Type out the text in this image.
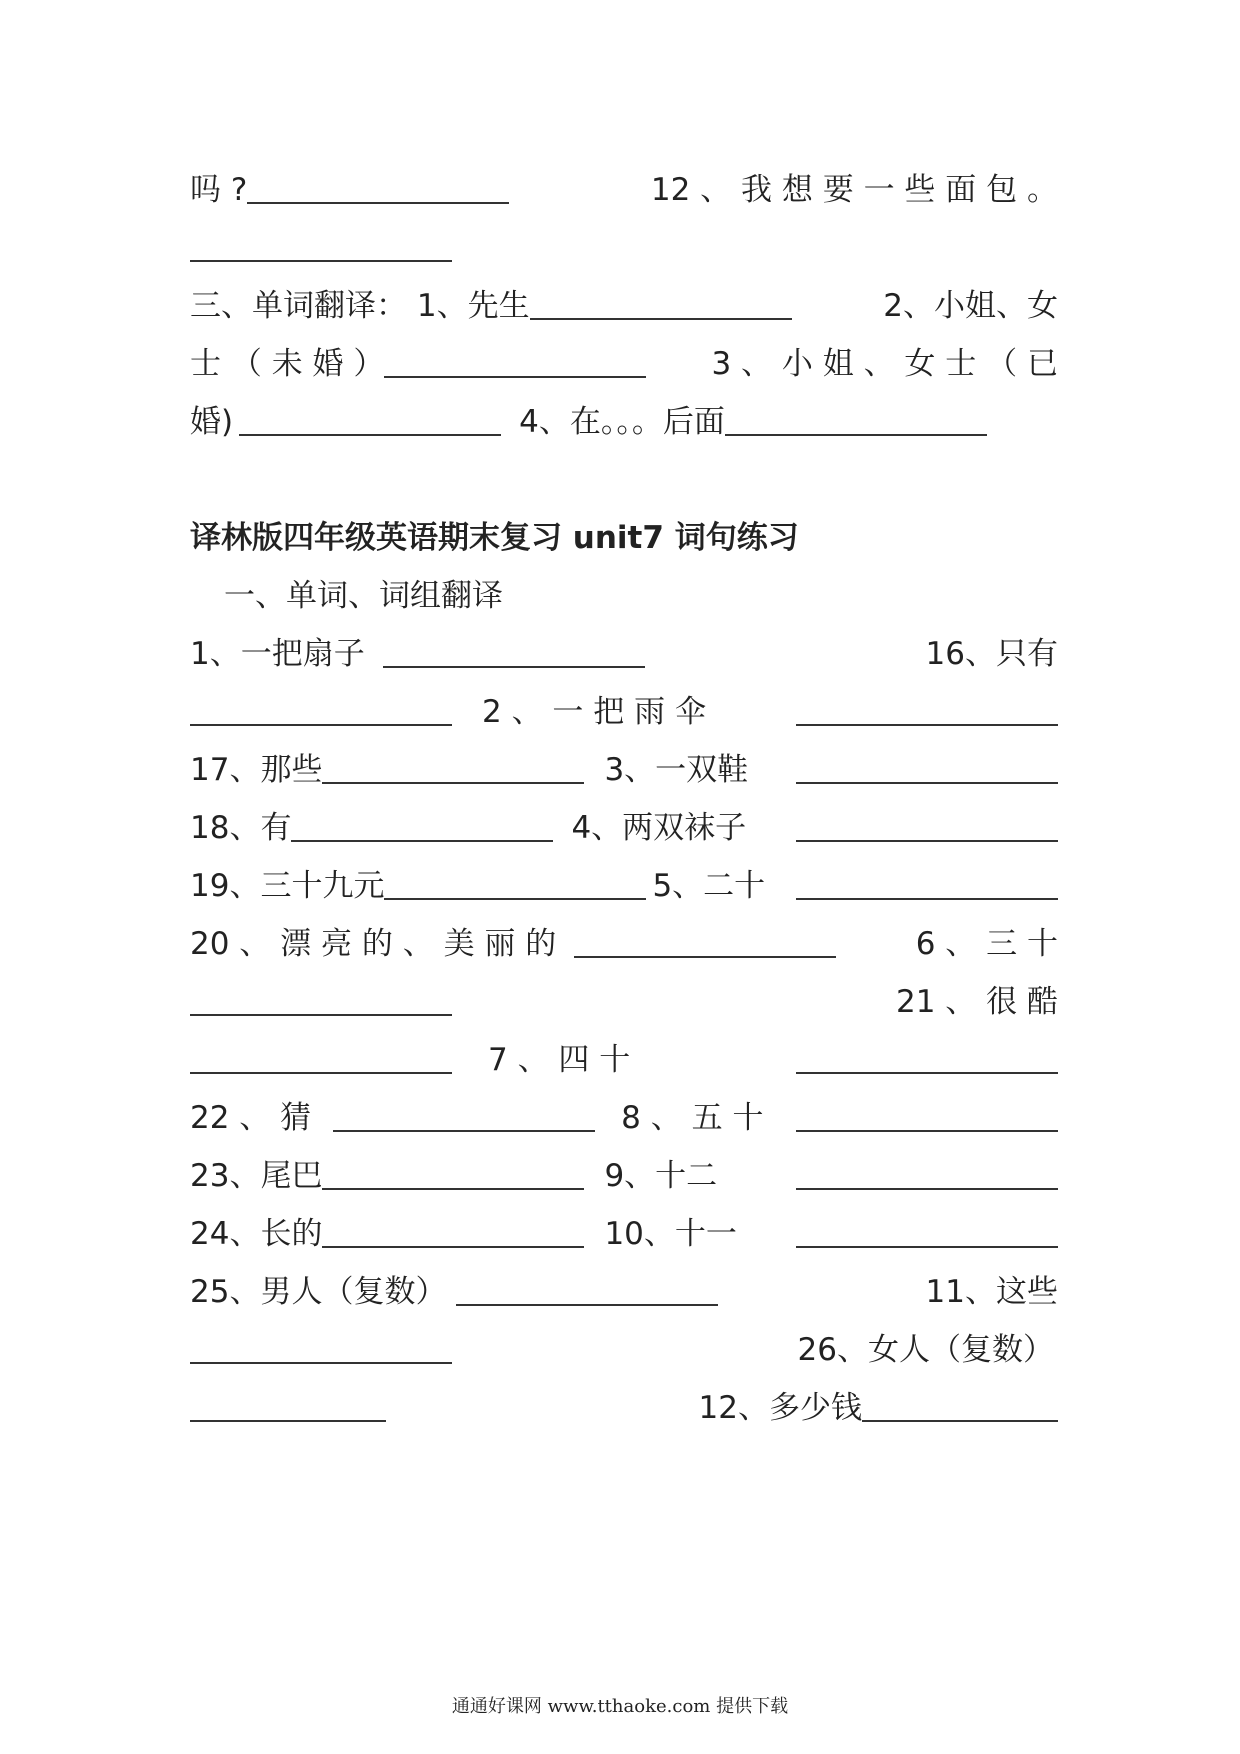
吗 ?	12 、 我 想 要 一 些 面 包 。
三、单词翻译： 1、先生	2、小姐、女
士 （ 未 婚 ）	3 、 小 姐 、 女 士 （ 已
婚)	4、在。。。后面
译林版四年级英语期末复习 unit7 词句练习
一、单词、词组翻译
1、一把扇子	16、只有
2 、 一 把 雨 伞
17、那些	3、一双鞋
18、有	4、两双袜子
19、三十九元	5、二十
20 、 漂 亮 的 、 美 丽 的	6 、 三 十
21 、 很 酷
7 、 四 十
22 、 猜	8 、 五 十
23、尾巴	9、十二
24、长的	10、十一
25、男人（复数）	11、这些
26、女人（复数）
12、多少钱
通通好课网 www.tthaoke.com 提供下载
